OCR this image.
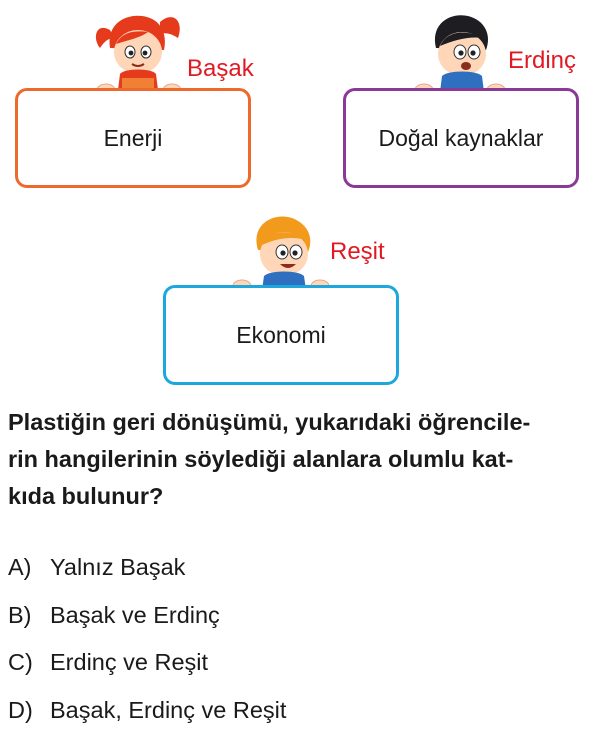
Başak
Enerji
Erdinç
Doğal kaynaklar
Reşit
Ekonomi

Plastiğin geri dönüşümü, yukarıdaki öğrencile-
rin hangilerinin söylediği alanlara olumlu kat-
kıda bulunur?

A) Yalnız Başak
B) Başak ve Erdinç
C) Erdinç ve Reşit
D) Başak, Erdinç ve Reşit
